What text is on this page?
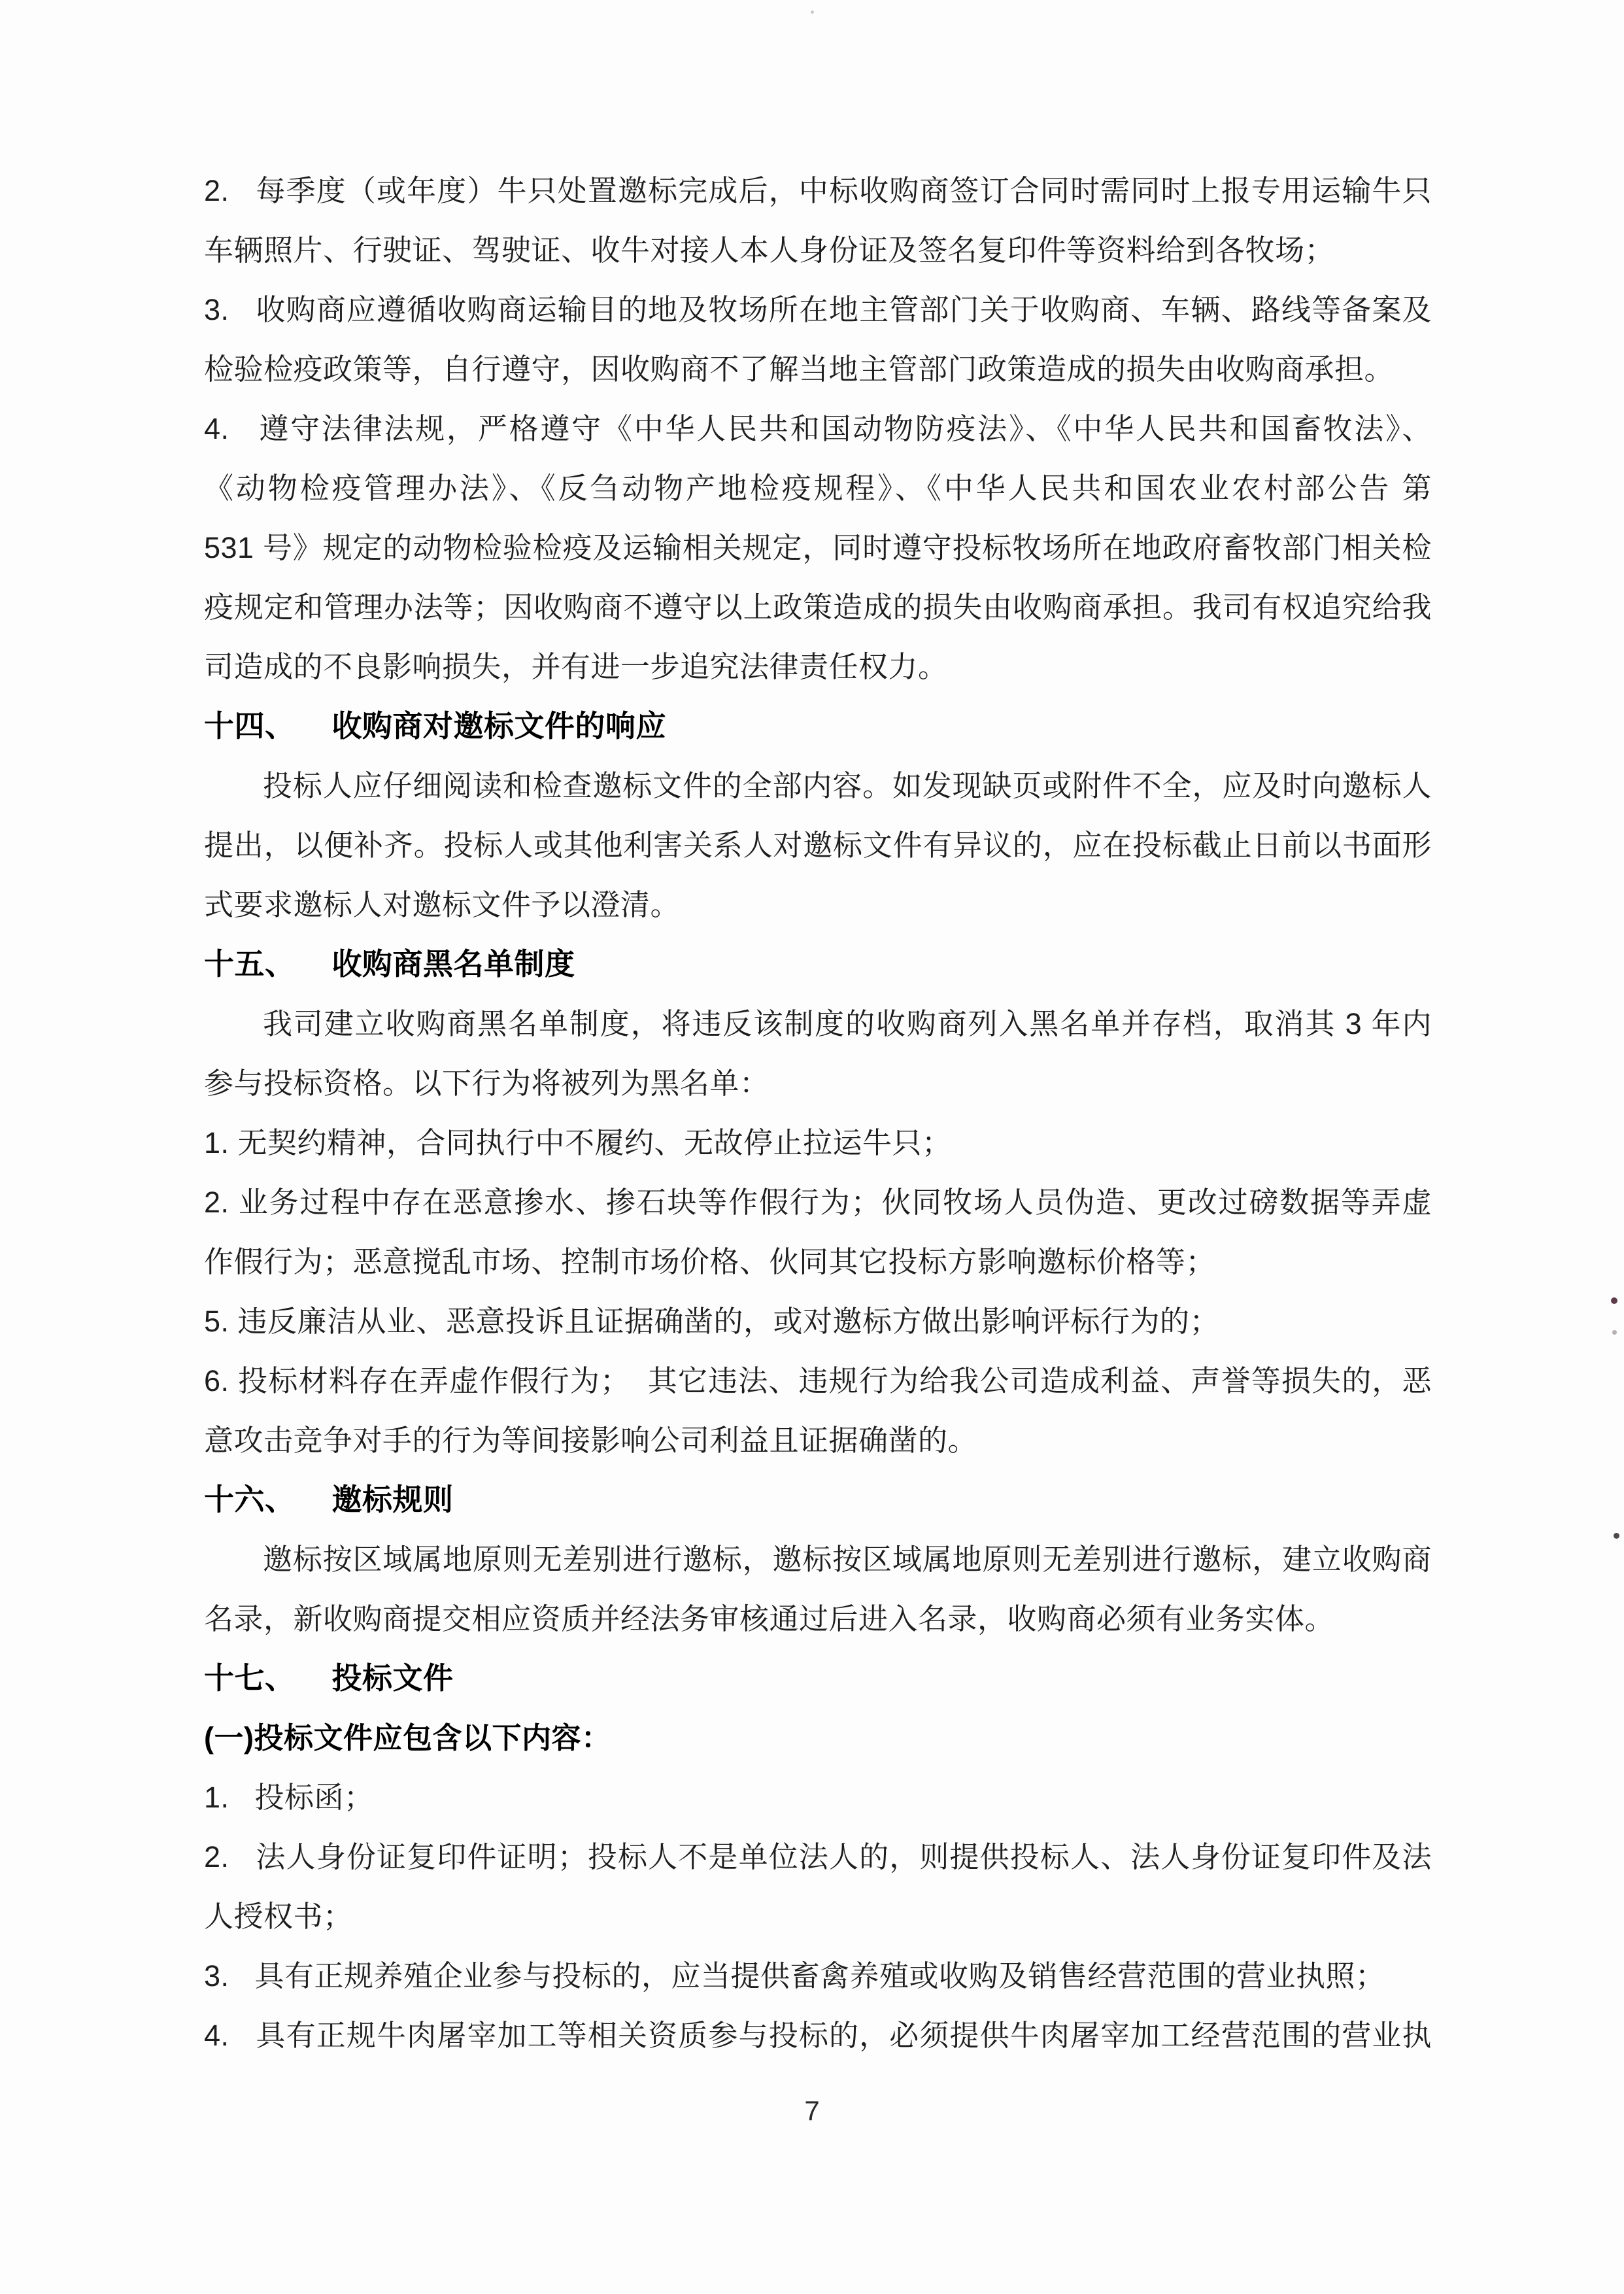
2.   每季度（或年度）牛只处置邀标完成后，中标收购商签订合同时需同时上报专用运输牛只
车辆照片、行驶证、驾驶证、收牛对接人本人身份证及签名复印件等资料给到各牧场；
3.   收购商应遵循收购商运输目的地及牧场所在地主管部门关于收购商、车辆、路线等备案及
检验检疫政策等，自行遵守，因收购商不了解当地主管部门政策造成的损失由收购商承担。
4.   遵守法律法规，严格遵守《中华人民共和国动物防疫法》、《中华人民共和国畜牧法》、
《动物检疫管理办法》、《反刍动物产地检疫规程》、《中华人民共和国农业农村部公告 第
531 号》规定的动物检验检疫及运输相关规定，同时遵守投标牧场所在地政府畜牧部门相关检
疫规定和管理办法等；因收购商不遵守以上政策造成的损失由收购商承担。我司有权追究给我
司造成的不良影响损失，并有进一步追究法律责任权力。
十四、 收购商对邀标文件的响应
投标人应仔细阅读和检查邀标文件的全部内容。如发现缺页或附件不全，应及时向邀标人
提出，以便补齐。投标人或其他利害关系人对邀标文件有异议的，应在投标截止日前以书面形
式要求邀标人对邀标文件予以澄清。
十五、 收购商黑名单制度
我司建立收购商黑名单制度，将违反该制度的收购商列入黑名单并存档，取消其 3 年内
参与投标资格。以下行为将被列为黑名单：
1. 无契约精神，合同执行中不履约、无故停止拉运牛只；
2. 业务过程中存在恶意掺水、掺石块等作假行为；伙同牧场人员伪造、更改过磅数据等弄虚
作假行为；恶意搅乱市场、控制市场价格、伙同其它投标方影响邀标价格等；
5. 违反廉洁从业、恶意投诉且证据确凿的，或对邀标方做出影响评标行为的；
6. 投标材料存在弄虚作假行为；  其它违法、违规行为给我公司造成利益、声誉等损失的，恶
意攻击竞争对手的行为等间接影响公司利益且证据确凿的。
十六、 邀标规则
邀标按区域属地原则无差别进行邀标，邀标按区域属地原则无差别进行邀标，建立收购商
名录，新收购商提交相应资质并经法务审核通过后进入名录，收购商必须有业务实体。
十七、 投标文件
(一)投标文件应包含以下内容：
1.   投标函；
2.   法人身份证复印件证明；投标人不是单位法人的，则提供投标人、法人身份证复印件及法
人授权书；
3.   具有正规养殖企业参与投标的，应当提供畜禽养殖或收购及销售经营范围的营业执照；
4.   具有正规牛肉屠宰加工等相关资质参与投标的，必须提供牛肉屠宰加工经营范围的营业执
7
